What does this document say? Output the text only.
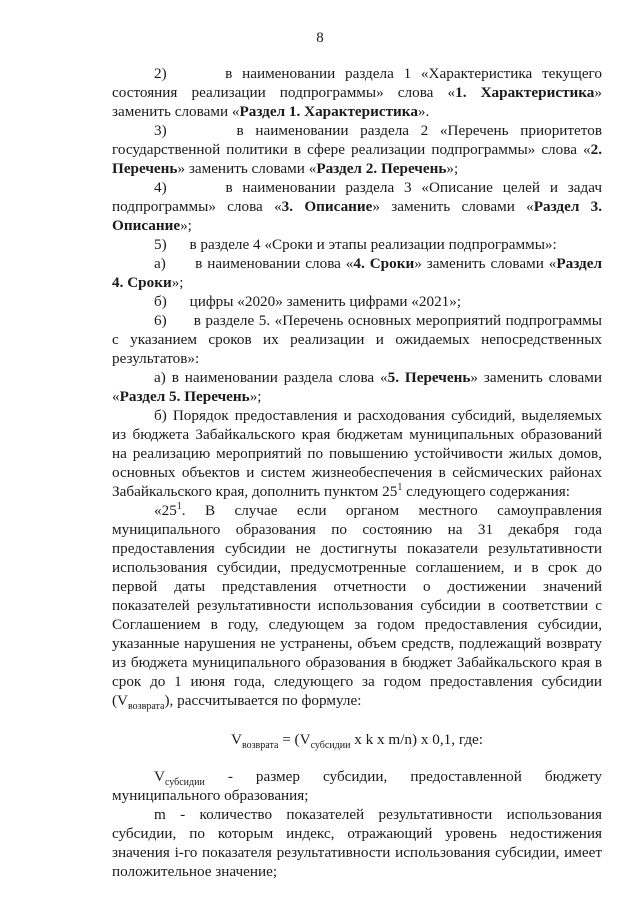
8

2)	в наименовании раздела 1 «Характеристика текущего состояния реализации подпрограммы» слова «1. Характеристика» заменить словами «Раздел 1. Характеристика».

3)	в наименовании раздела 2 «Перечень приоритетов государственной политики в сфере реализации подпрограммы» слова «2. Перечень» заменить словами «Раздел 2. Перечень»;

4)	в наименовании раздела 3 «Описание целей и задач подпрограммы» слова «3. Описание» заменить словами «Раздел 3. Описание»;

5) в разделе 4 «Сроки и этапы реализации подпрограммы»:

а) в наименовании слова «4. Сроки» заменить словами «Раздел 4. Сроки»;

б) цифры «2020» заменить цифрами «2021»;

6) в разделе 5. «Перечень основных мероприятий подпрограммы с указанием сроков их реализации и ожидаемых непосредственных результатов»:

а) в наименовании раздела слова «5. Перечень» заменить словами «Раздел 5. Перечень»;

б) Порядок предоставления и расходования субсидий, выделяемых из бюджета Забайкальского края бюджетам муниципальных образований на реализацию мероприятий по повышению устойчивости жилых домов, основных объектов и систем жизнеобеспечения в сейсмических районах Забайкальского края, дополнить пунктом $25^1$ следующего содержания:

«$25^1$. В случае если органом местного самоуправления муниципального образования по состоянию на 31 декабря года предоставления субсидии не достигнуты показатели результативности использования субсидии, предусмотренные соглашением, и в срок до первой даты представления отчетности о достижении значений показателей результативности использования субсидии в соответствии с Соглашением в году, следующем за годом предоставления субсидии, указанные нарушения не устранены, объем средств, подлежащий возврату из бюджета муниципального образования в бюджет Забайкальского края в срок до 1 июня года, следующего за годом предоставления субсидии $(V_{возврата})$, рассчитывается по формуле:

$V_{возврата} = (V_{субсидии}$ x k x m/n) x 0,1, где:

$V_{субсидии}$ - размер субсидии, предоставленной бюджету муниципального образования;

m - количество показателей результативности использования субсидии, по которым индекс, отражающий уровень недостижения значения i-го показателя результативности использования субсидии, имеет положительное значение;
